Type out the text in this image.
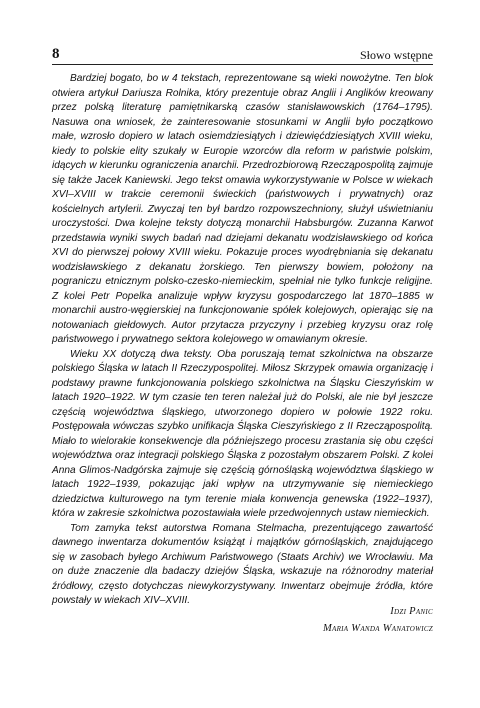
8	Słowo wstępne

Bardziej bogato, bo w 4 tekstach, reprezentowane są wieki nowożytne. Ten blok otwiera artykuł Dariusza Rolnika, który prezentuje obraz Anglii i Anglików kreowany przez polską literaturę pamiętnikarską czasów stanisławowskich (1764–1795). Nasuwa ona wniosek, że zainteresowanie stosunkami w Anglii było początkowo małe, wzrosło dopiero w latach osiemdziesiątych i dziewięćdziesiątych XVIII wieku, kiedy to polskie elity szukały w Europie wzorców dla reform w państwie polskim, idących w kierunku ograniczenia anarchii. Przedrozbiorową Rzecząpospolitą zajmuje się także Jacek Kaniewski. Jego tekst omawia wykorzystywanie w Polsce w wiekach XVI–XVIII w trakcie ceremonii świeckich (państwowych i prywatnych) oraz kościelnych artylerii. Zwyczaj ten był bardzo rozpowszechniony, służył uświetnianiu uroczystości. Dwa kolejne teksty dotyczą monarchii Habsburgów. Zuzanna Karwot przedstawia wyniki swych badań nad dziejami dekanatu wodzisławskiego od końca XVI do pierwszej połowy XVIII wieku. Pokazuje proces wyodrębniania się dekanatu wodzisławskiego z dekanatu żorskiego. Ten pierwszy bowiem, położony na pograniczu etnicznym polsko-czesko-niemieckim, spełniał nie tylko funkcje religijne. Z kolei Petr Popelka analizuje wpływ kryzysu gospodarczego lat 1870–1885 w monarchii austro-węgierskiej na funkcjonowanie spółek kolejowych, opierając się na notowaniach giełdowych. Autor przytacza przyczyny i przebieg kryzysu oraz rolę państwowego i prywatnego sektora kolejowego w omawianym okresie.

Wieku XX dotyczą dwa teksty. Oba poruszają temat szkolnictwa na obszarze polskiego Śląska w latach II Rzeczypospolitej. Miłosz Skrzypek omawia organizację i podstawy prawne funkcjonowania polskiego szkolnictwa na Śląsku Cieszyńskim w latach 1920–1922. W tym czasie ten teren należał już do Polski, ale nie był jeszcze częścią województwa śląskiego, utworzonego dopiero w połowie 1922 roku. Postępowała wówczas szybko unifikacja Śląska Cieszyńskiego z II Rzecząpospolitą. Miało to wielorakie konsekwencje dla późniejszego procesu zrastania się obu części województwa oraz integracji polskiego Śląska z pozostałym obszarem Polski. Z kolei Anna Glimos-Nadgórska zajmuje się częścią górnośląską województwa śląskiego w latach 1922–1939, pokazując jaki wpływ na utrzymywanie się niemieckiego dziedzictwa kulturowego na tym terenie miała konwencja genewska (1922–1937), która w zakresie szkolnictwa pozostawiała wiele przedwojennych ustaw niemieckich.

Tom zamyka tekst autorstwa Romana Stelmacha, prezentującego zawartość dawnego inwentarza dokumentów książąt i majątków górnośląskich, znajdującego się w zasobach byłego Archiwum Państwowego (Staats Archiv) we Wrocławiu. Ma on duże znaczenie dla badaczy dziejów Śląska, wskazuje na różnorodny materiał źródłowy, często dotychczas niewykorzystywany. Inwentarz obejmuje źródła, które powstały w wiekach XIV–XVIII.

Idzi Panic
Maria Wanda Wanatowicz
